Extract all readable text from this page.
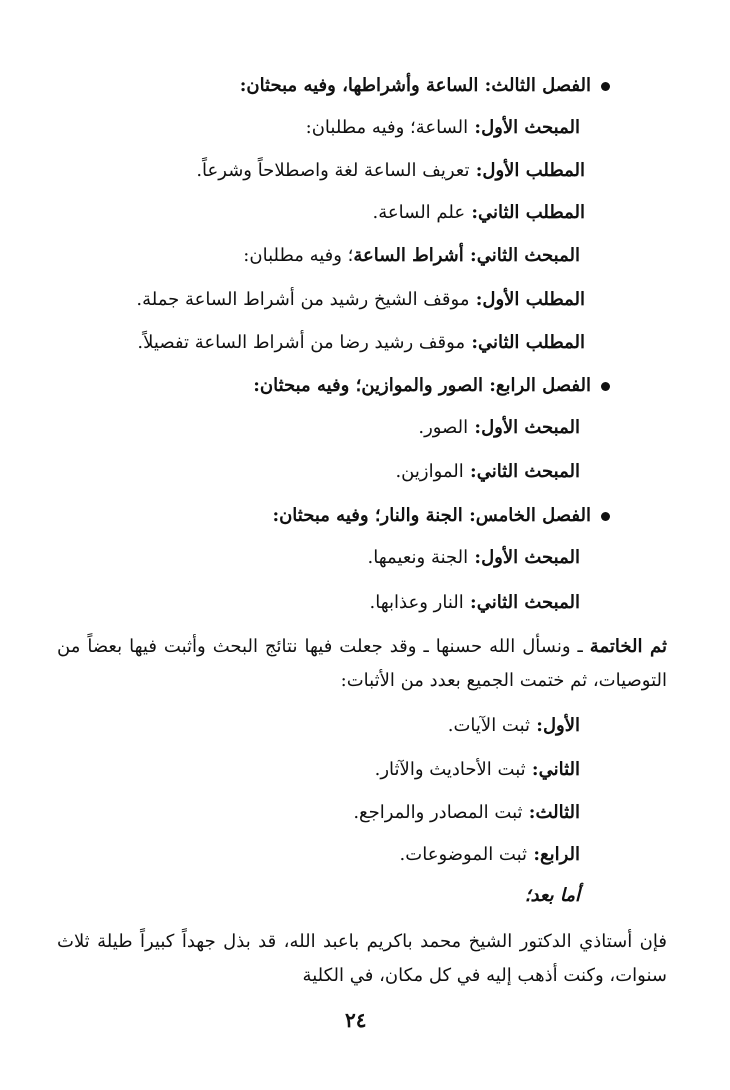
الفصل الثالث: الساعة وأشراطها، وفيه مبحثان:
المبحث الأول: الساعة؛ وفيه مطلبان:
المطلب الأول: تعريف الساعة لغة واصطلاحاً وشرعاً.
المطلب الثاني: علم الساعة.
المبحث الثاني: أشراط الساعة؛ وفيه مطلبان:
المطلب الأول: موقف الشيخ رشيد من أشراط الساعة جملة.
المطلب الثاني: موقف رشيد رضا من أشراط الساعة تفصيلاً.
الفصل الرابع: الصور والموازين؛ وفيه مبحثان:
المبحث الأول: الصور.
المبحث الثاني: الموازين.
الفصل الخامس: الجنة والنار؛ وفيه مبحثان:
المبحث الأول: الجنة ونعيمها.
المبحث الثاني: النار وعذابها.
ثم الخاتمة ـ ونسأل الله حسنها ـ وقد جعلت فيها نتائج البحث وأثبت فيها بعضاً من التوصيات، ثم ختمت الجميع بعدد من الأثبات:
الأول: ثبت الآيات.
الثاني: ثبت الأحاديث والآثار.
الثالث: ثبت المصادر والمراجع.
الرابع: ثبت الموضوعات.
أما بعد؛
فإن أستاذي الدكتور الشيخ محمد باكريم باعبد الله، قد بذل جهداً كبيراً طيلة ثلاث سنوات، وكنت أذهب إليه في كل مكان، في الكلية
٢٤
